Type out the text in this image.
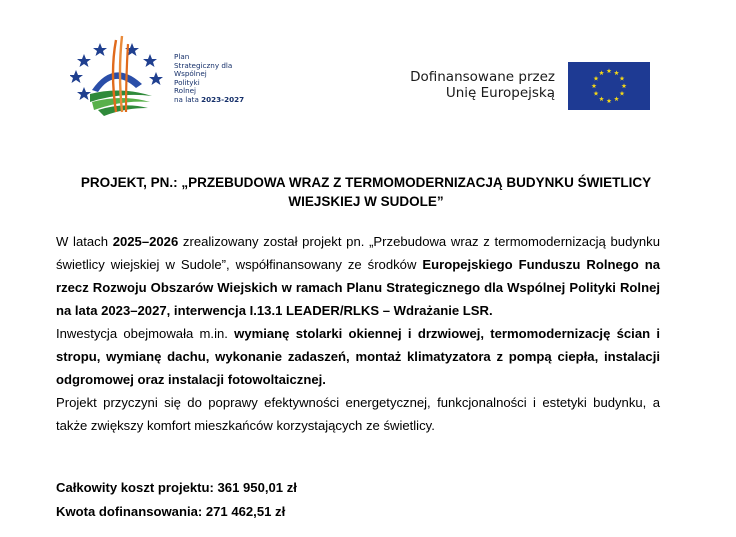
Plan
Strategiczny dla
Wspólnej
Polityki
Rolnej
na lata 2023-2027
Dofinansowane przez
Unię Europejską
PROJEKT, PN.: „PRZEBUDOWA WRAZ Z TERMOMODERNIZACJĄ BUDYNKU ŚWIETLICY
WIEJSKIEJ W SUDOLE”

W latach 2025–2026 zrealizowany został projekt pn. „Przebudowa wraz z termomodernizacją budynku świetlicy wiejskiej w Sudole”, współfinansowany ze środków Europejskiego Funduszu Rolnego na rzecz Rozwoju Obszarów Wiejskich w ramach Planu Strategicznego dla Wspólnej Polityki Rolnej na lata 2023–2027, interwencja I.13.1 LEADER/RLKS – Wdrażanie LSR.

Inwestycja obejmowała m.in. wymianę stolarki okiennej i drzwiowej, termomodernizację ścian i stropu, wymianę dachu, wykonanie zadaszeń, montaż klimatyzatora z pompą ciepła, instalacji odgromowej oraz instalacji fotowoltaicznej.

Projekt przyczyni się do poprawy efektywności energetycznej, funkcjonalności i estetyki budynku, a także zwiększy komfort mieszkańców korzystających ze świetlicy.

Całkowity koszt projektu: 361 950,01 zł

Kwota dofinansowania: 271 462,51 zł
